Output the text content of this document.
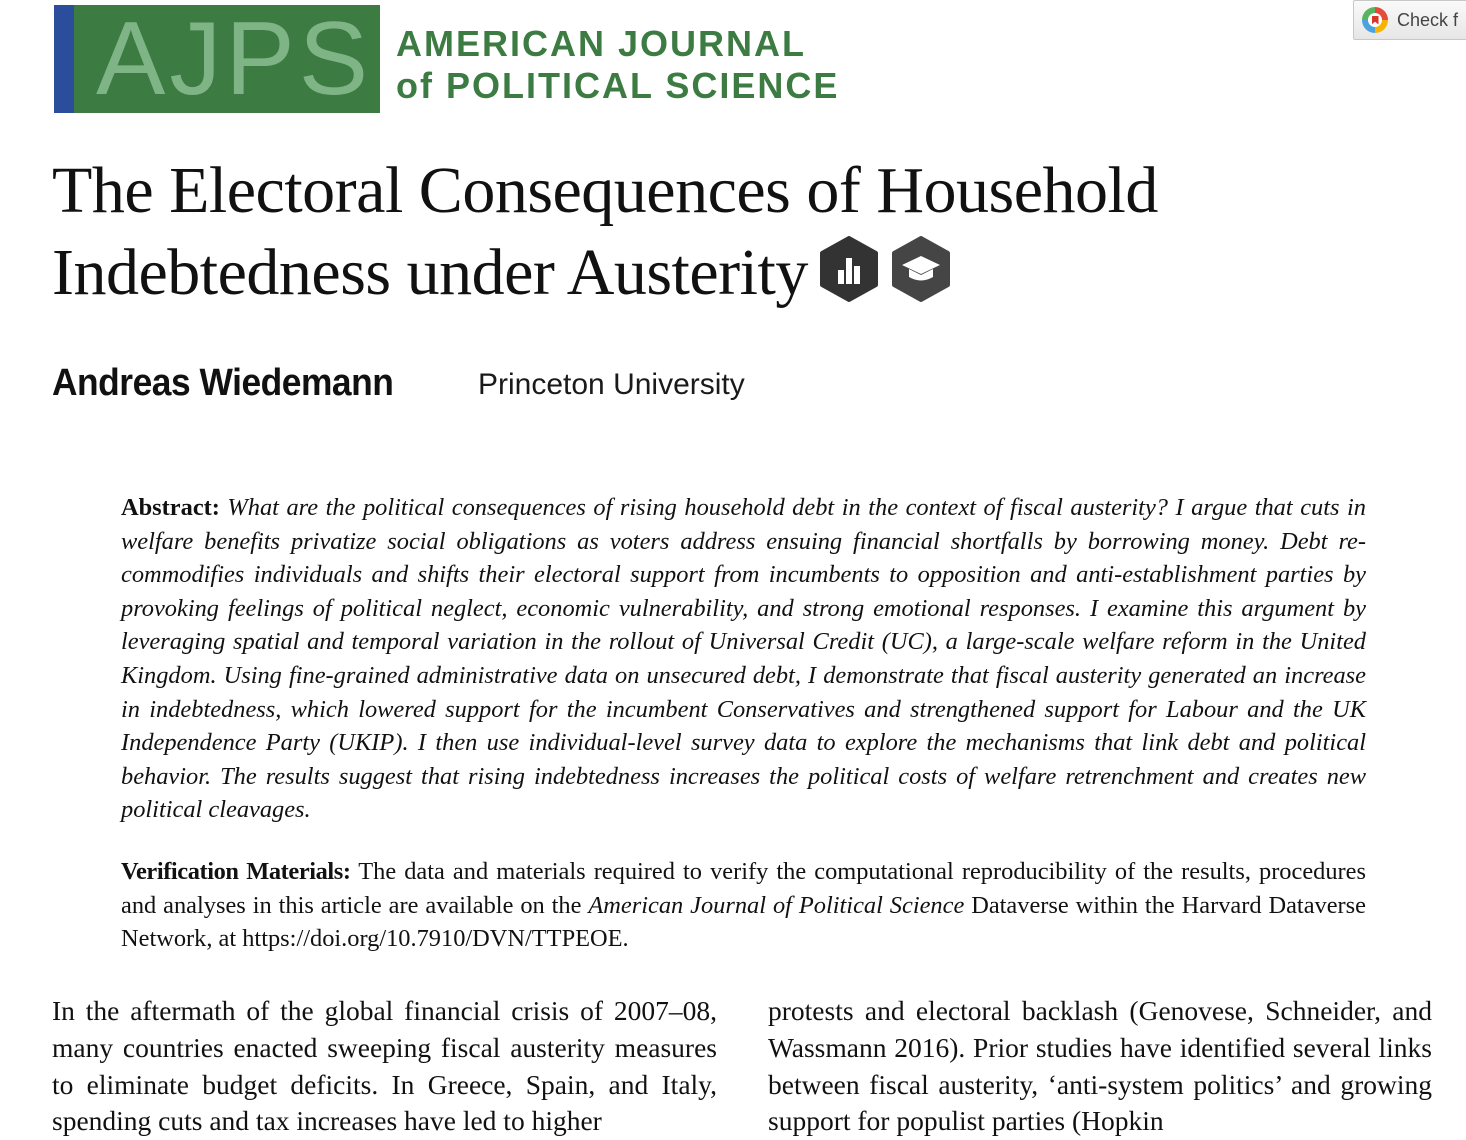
AJPS AMERICAN JOURNAL
of POLITICAL SCIENCE
Check f
The Electoral Consequences of Household
Indebtedness under Austerity
Andreas Wiedemann	Princeton University

Abstract: What are the political consequences of rising household debt in the context of fiscal austerity? I argue that cuts in welfare benefits privatize social obligations as voters address ensuing financial shortfalls by borrowing money. Debt recommodifies individuals and shifts their electoral support from incumbents to opposition and anti-establishment parties by provoking feelings of political neglect, economic vulnerability, and strong emotional responses. I examine this argument by leveraging spatial and temporal variation in the rollout of Universal Credit (UC), a large-scale welfare reform in the United Kingdom. Using fine-grained administrative data on unsecured debt, I demonstrate that fiscal austerity generated an increase in indebtedness, which lowered support for the incumbent Conservatives and strengthened support for Labour and the UK Independence Party (UKIP). I then use individual-level survey data to explore the mechanisms that link debt and political behavior. The results suggest that rising indebtedness increases the political costs of welfare retrenchment and creates new political cleavages.

Verification Materials: The data and materials required to verify the computational reproducibility of the results, procedures and analyses in this article are available on the American Journal of Political Science Dataverse within the Harvard Dataverse Network, at https://doi.org/10.7910/DVN/TTPEOE.

In the aftermath of the global financial crisis of 2007–08, many countries enacted sweeping fiscal austerity measures to eliminate budget deficits. In Greece, Spain, and Italy, spending cuts and tax increases have led to higher

protests and electoral backlash (Genovese, Schneider, and Wassmann 2016). Prior studies have identified several links between fiscal austerity, ‘anti-system politics’ and growing support for populist parties (Hopkin
